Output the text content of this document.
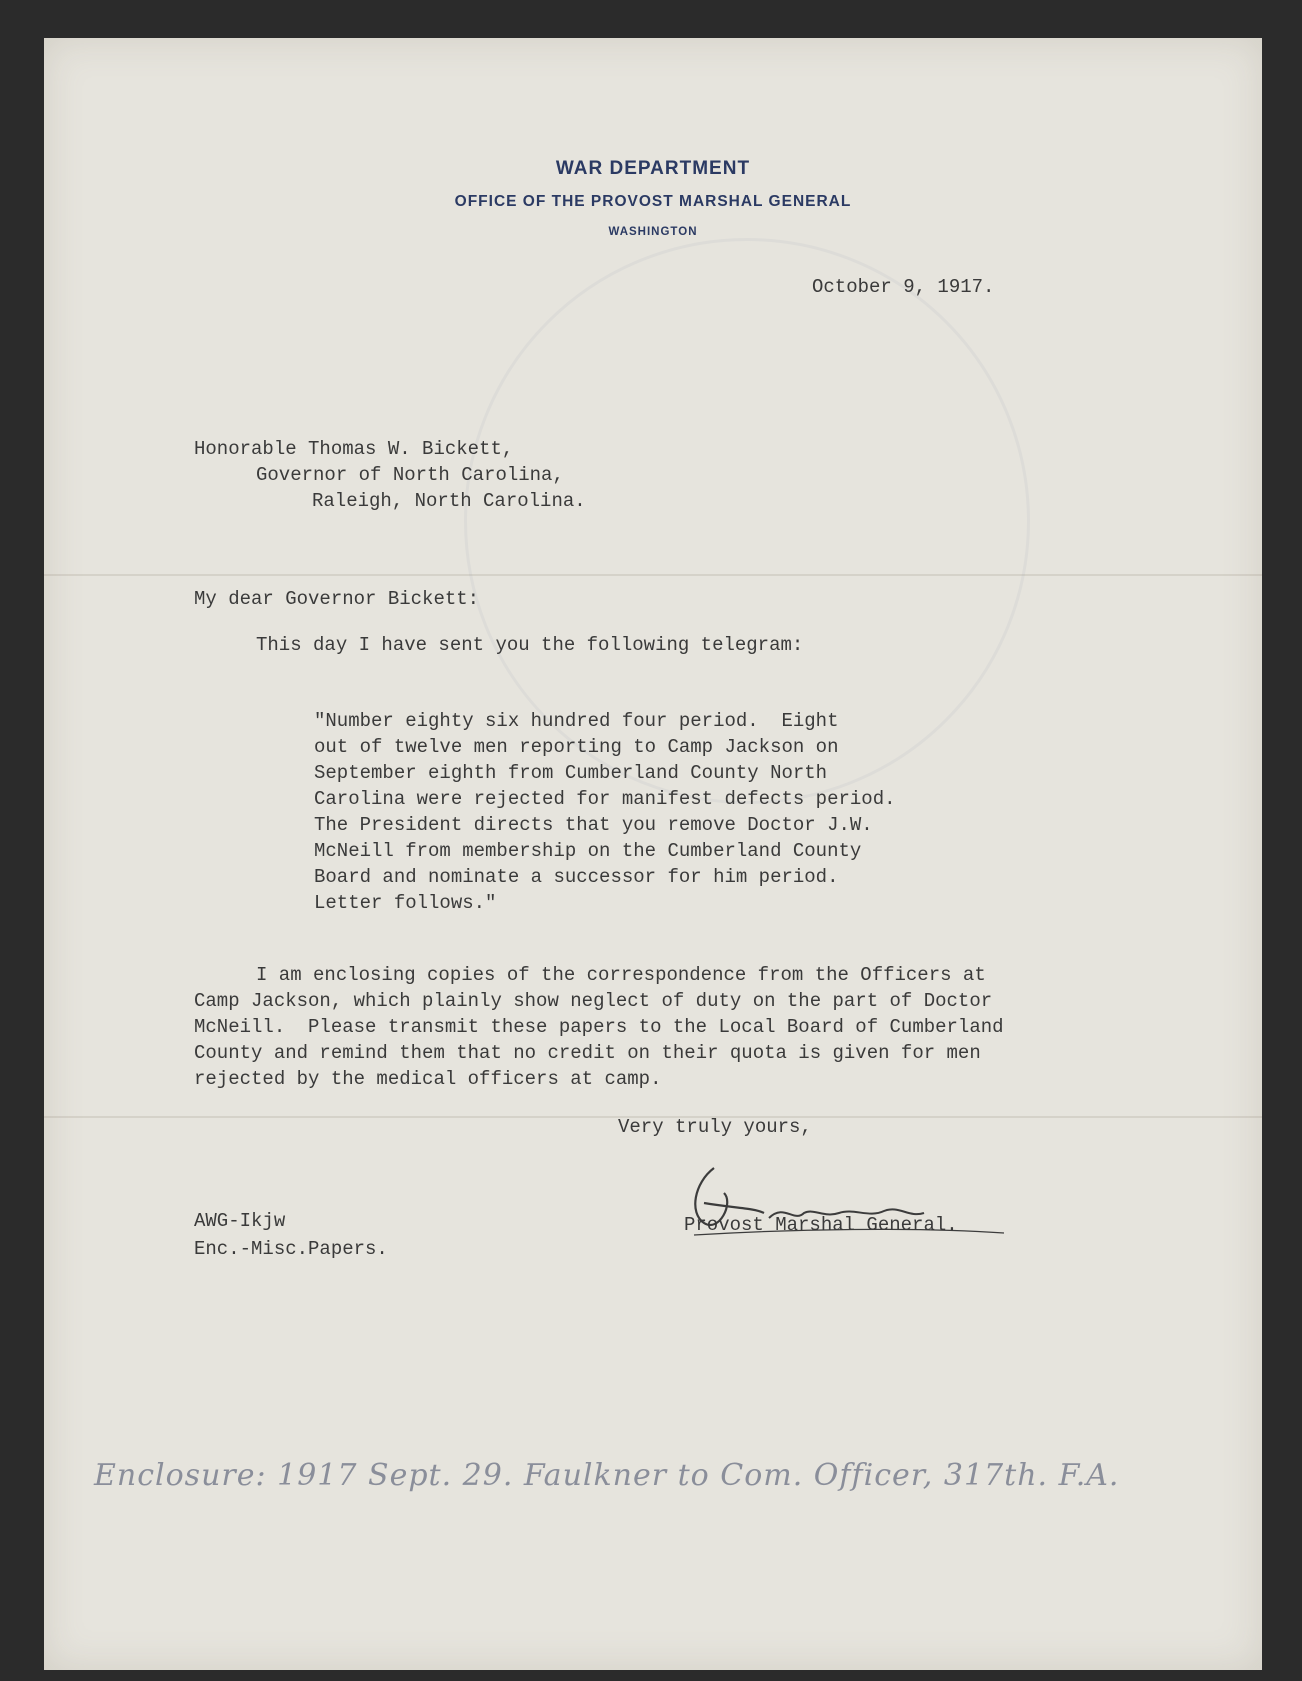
WAR DEPARTMENT
OFFICE OF THE PROVOST MARSHAL GENERAL
WASHINGTON
October 9, 1917.
Honorable Thomas W. Bickett,
Governor of North Carolina,
Raleigh, North Carolina.
My dear Governor Bickett:
This day I have sent you the following telegram:
"Number eighty six hundred four period.  Eight
out of twelve men reporting to Camp Jackson on
September eighth from Cumberland County North
Carolina were rejected for manifest defects period.
The President directs that you remove Doctor J.W.
McNeill from membership on the Cumberland County
Board and nominate a successor for him period.
Letter follows."
I am enclosing copies of the correspondence from the Officers at
Camp Jackson, which plainly show neglect of duty on the part of Doctor
McNeill.  Please transmit these papers to the Local Board of Cumberland
County and remind them that no credit on their quota is given for men
rejected by the medical officers at camp.
Very truly yours,
Provost Marshal General.
AWG-Ikjw
Enc.-Misc.Papers.
Enclosure: 1917 Sept. 29. Faulkner to Com. Officer, 317th. F.A.
